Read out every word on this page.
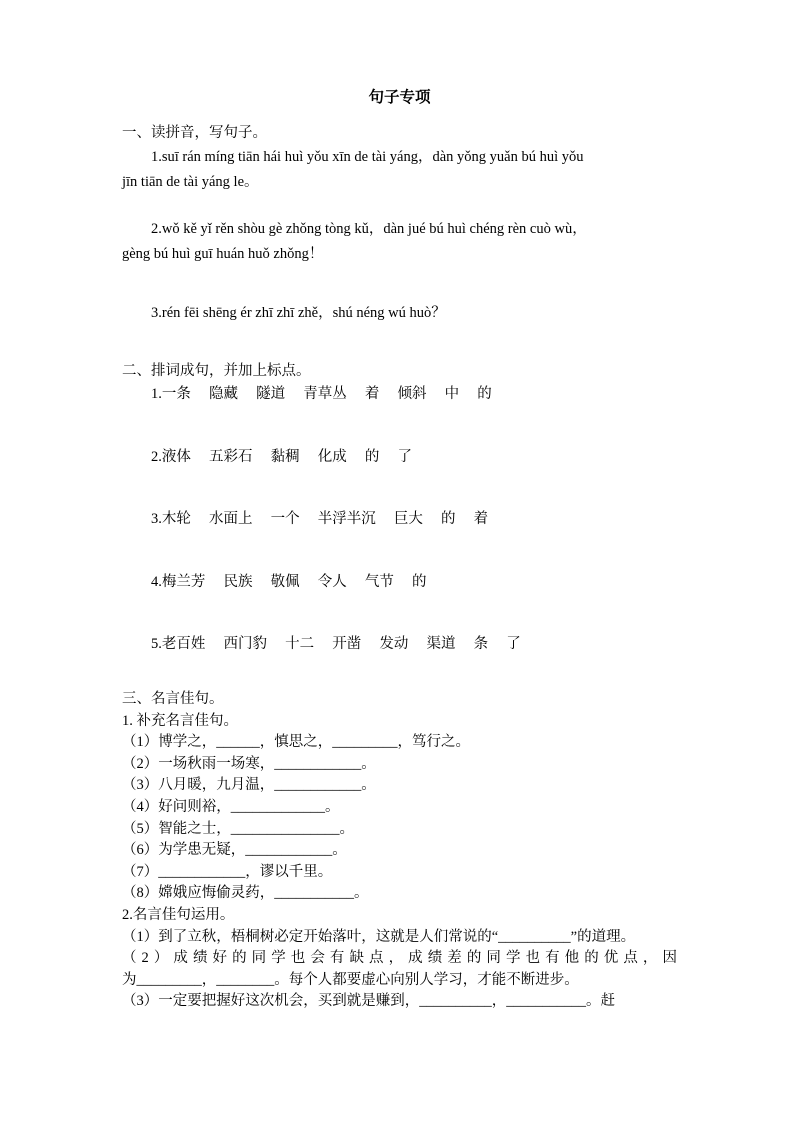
句子专项

一、读拼音，写句子。

1.suī rán míng tiān hái huì yǒu xīn de tài yáng，dàn yǒng yuǎn bú huì yǒu
jīn tiān de tài yáng le。
2.wǒ kě yǐ rěn shòu gè zhǒng tòng kǔ，dàn jué bú huì chéng rèn cuò wù，
gèng bú huì guī huán huǒ zhǒng！
3.rén fēi shēng ér zhī zhī zhě，shú néng wú huò？

二、排词成句，并加上标点。

1.一条　 隐藏　 隧道　 青草丛　 着　 倾斜　 中　 的

2.液体　 五彩石　 黏稠　 化成　 的　 了

3.木轮　 水面上　 一个　 半浮半沉　 巨大　 的　 着

4.梅兰芳　 民族　 敬佩　 令人　 气节　 的

5.老百姓　 西门豹　 十二　 开凿　 发动　 渠道　 条　 了

三、名言佳句。

1. 补充名言佳句。

（1）博学之，______，慎思之，_________，笃行之。

（2）一场秋雨一场寒，____________。

（3）八月暖，九月温，____________。

（4）好问则裕，_____________。

（5）智能之士，_______________。

（6）为学患无疑，____________。

（7）____________，谬以千里。

（8）嫦娥应悔偷灵药，___________。

2.名言佳句运用。

（1）到了立秋，梧桐树必定开始落叶，这就是人们常说的“__________”的道理。

（2）成绩好的同学也会有缺点，成绩差的同学也有他的优点，因

为_________，________。每个人都要虚心向别人学习，才能不断进步。

（3）一定要把握好这次机会，买到就是赚到，__________，___________。赶
